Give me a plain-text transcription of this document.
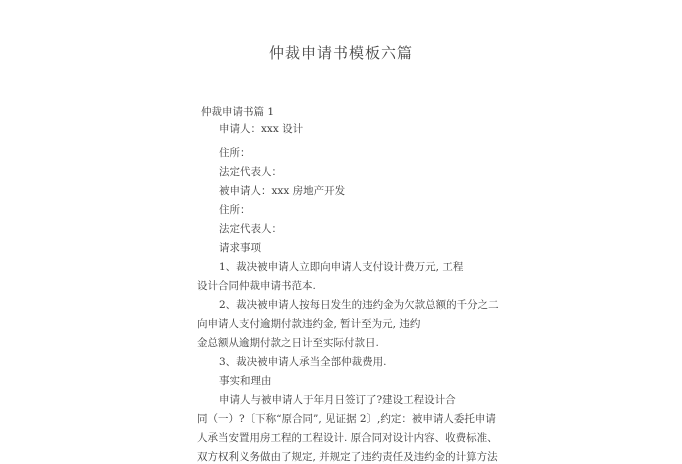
仲裁申请书模板六篇
仲裁申请书篇 1
申请人：xxx 设计
住所：
法定代表人：
被申请人：xxx 房地产开发
住所：
法定代表人：
请求事项
1、裁决被申请人立即向申请人支付设计费万元, 工程
设计合同仲裁申请书范本.
2、裁决被申请人按每日发生的违约金为欠款总额的千分之二
向申请人支付逾期付款违约金, 暂计至为元, 违约
金总额从逾期付款之日计至实际付款日.
3、裁决被申请人承当全部仲裁费用.
事实和理由
申请人与被申请人于年月日签订了?建设工程设计合
同（一）?〔下称“原合同”, 见证据 2〕,约定：被申请人委托申请
人承当安置用房工程的工程设计. 原合同对设计内容、收费标准、
双方权利义务做由了规定, 并规定了违约责任及违约金的计算方法
